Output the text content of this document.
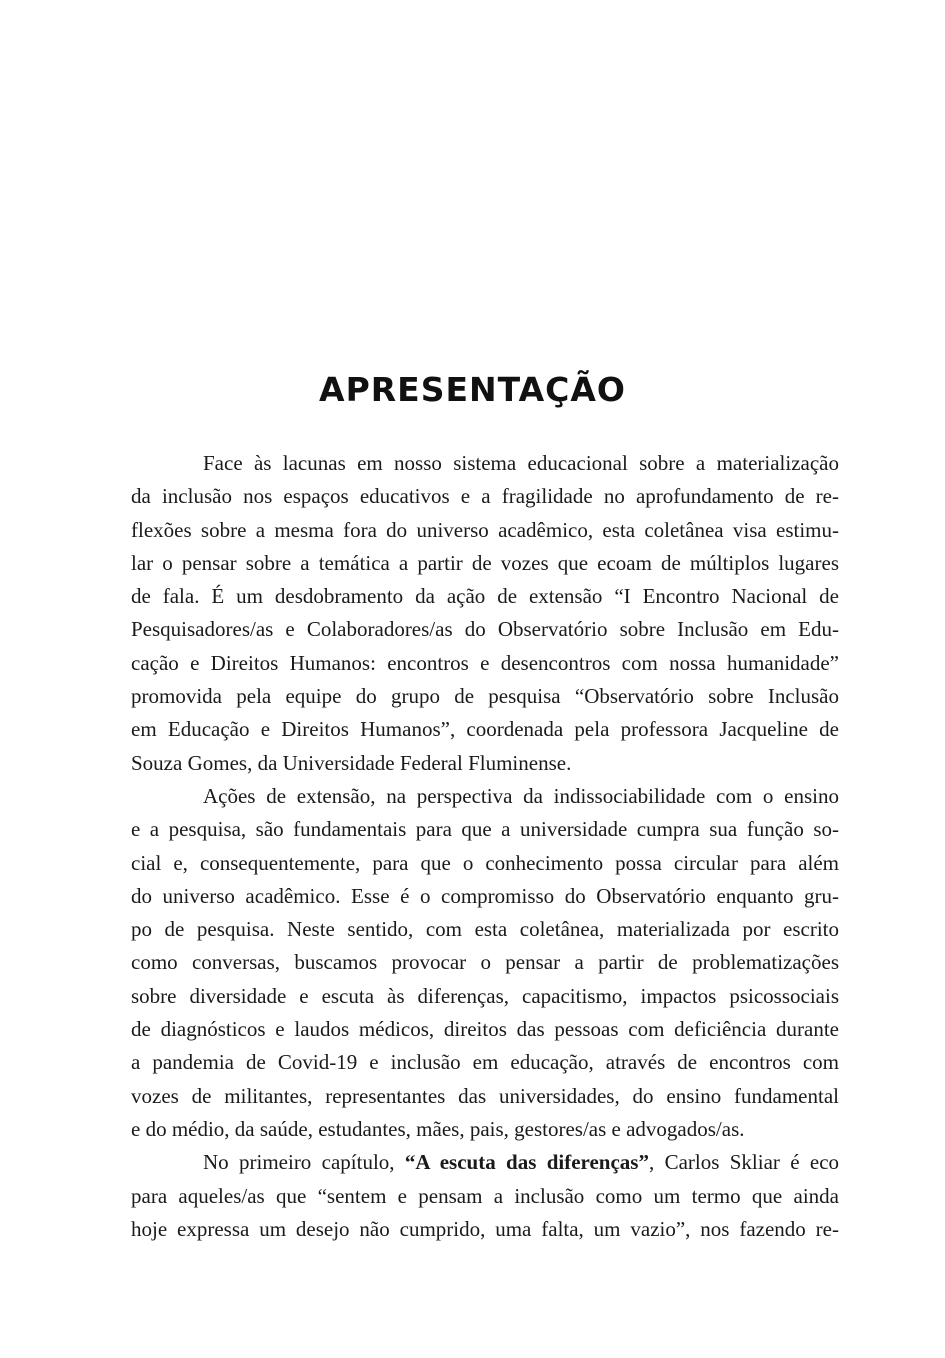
APRESENTAÇÃO
Face às lacunas em nosso sistema educacional sobre a materialização
da inclusão nos espaços educativos e a fragilidade no aprofundamento de re-
flexões sobre a mesma fora do universo acadêmico, esta coletânea visa estimu-
lar o pensar sobre a temática a partir de vozes que ecoam de múltiplos lugares
de fala. É um desdobramento da ação de extensão “I Encontro Nacional de
Pesquisadores/as e Colaboradores/as do Observatório sobre Inclusão em Edu-
cação e Direitos Humanos: encontros e desencontros com nossa humanidade”
promovida pela equipe do grupo de pesquisa “Observatório sobre Inclusão
em Educação e Direitos Humanos”, coordenada pela professora Jacqueline de
Souza Gomes, da Universidade Federal Fluminense.
Ações de extensão, na perspectiva da indissociabilidade com o ensino
e a pesquisa, são fundamentais para que a universidade cumpra sua função so-
cial e, consequentemente, para que o conhecimento possa circular para além
do universo acadêmico. Esse é o compromisso do Observatório enquanto gru-
po de pesquisa. Neste sentido, com esta coletânea, materializada por escrito
como conversas, buscamos provocar o pensar a partir de problematizações
sobre diversidade e escuta às diferenças, capacitismo, impactos psicossociais
de diagnósticos e laudos médicos, direitos das pessoas com deficiência durante
a pandemia de Covid-19 e inclusão em educação, através de encontros com
vozes de militantes, representantes das universidades, do ensino fundamental
e do médio, da saúde, estudantes, mães, pais, gestores/as e advogados/as.
No primeiro capítulo, “A escuta das diferenças”, Carlos Skliar é eco
para aqueles/as que “sentem e pensam a inclusão como um termo que ainda
hoje expressa um desejo não cumprido, uma falta, um vazio”, nos fazendo re-
